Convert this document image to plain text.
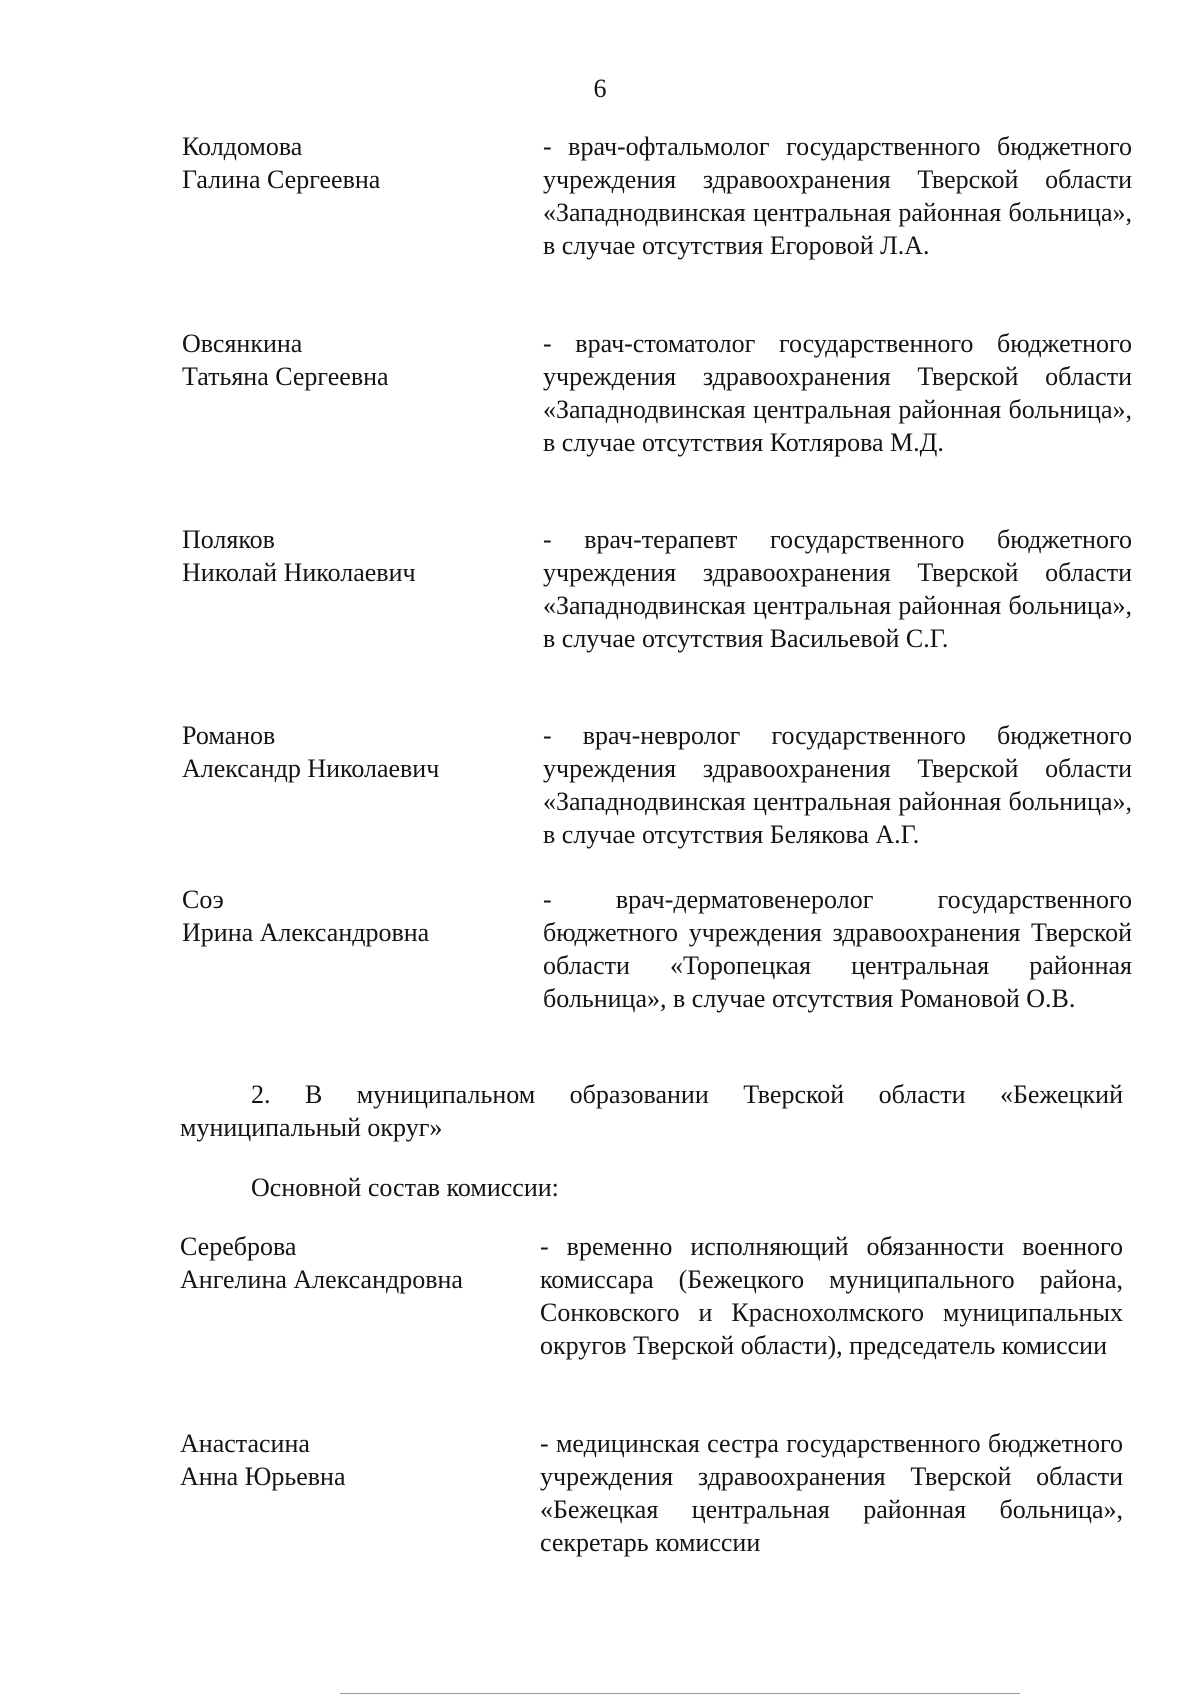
6
Колдомова
Галина Сергеевна
- врач-офтальмолог государственного бюджетного учреждения здравоохранения Тверской области «Западнодвинская центральная районная больница», в случае отсутствия Егоровой Л.А.
Овсянкина
Татьяна Сергеевна
- врач-стоматолог государственного бюджетного учреждения здравоохранения Тверской области «Западнодвинская центральная районная больница», в случае отсутствия Котлярова М.Д.
Поляков
Николай Николаевич
- врач-терапевт государственного бюджетного учреждения здравоохранения Тверской области «Западнодвинская центральная районная больница», в случае отсутствия Васильевой С.Г.
Романов
Александр Николаевич
- врач-невролог государственного бюджетного учреждения здравоохранения Тверской области «Западнодвинская центральная районная больница», в случае отсутствия Белякова А.Г.
Соэ
Ирина Александровна
- врач-дерматовенеролог государственного бюджетного учреждения здравоохранения Тверской области «Торопецкая центральная районная больница», в случае отсутствия Романовой О.В.
2. В муниципальном образовании Тверской области «Бежецкий муниципальный округ»
Основной состав комиссии:
Сереброва
Ангелина Александровна
- временно исполняющий обязанности военного комиссара (Бежецкого муниципального района, Сонковского и Краснохолмского муниципальных округов Тверской области), председатель комиссии
Анастасина
Анна Юрьевна
- медицинская сестра государственного бюджетного учреждения здравоохранения Тверской области «Бежецкая центральная районная больница», секретарь комиссии
